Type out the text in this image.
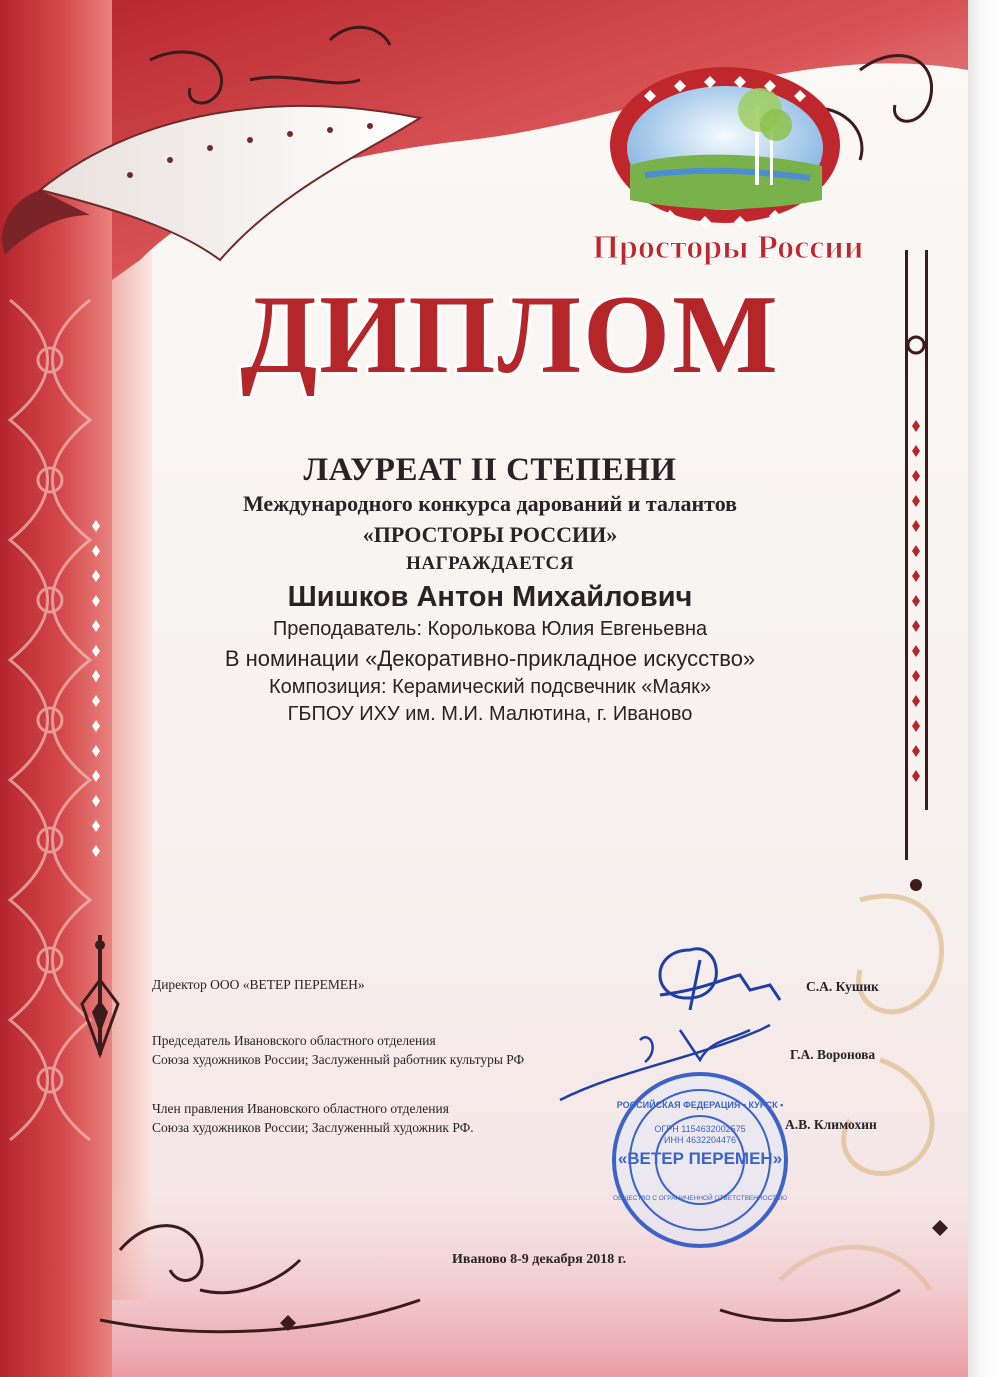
Просторы России
ДИПЛОМ
«ВЕТЕР ПЕРЕМЕН»
РОССИЙСКАЯ ФЕДЕРАЦИЯ • КУРСК •
ОГРН 1154632002575
ИНН 4632204476
ОБЩЕСТВО С ОГРАНИЧЕННОЙ ОТВЕТСТВЕННОСТЬЮ
ЛАУРЕАТ II СТЕПЕНИ
Международного конкурса дарований и талантов
«ПРОСТОРЫ РОССИИ»
НАГРАЖДАЕТСЯ
Шишков Антон Михайлович
Преподаватель: Королькова Юлия Евгеньевна
В номинации «Декоративно-прикладное искусство»
Композиция: Керамический подсвечник «Маяк»
ГБПОУ ИХУ им. М.И. Малютина, г. Иваново
Директор ООО «ВЕТЕР ПЕРЕМЕН»	С.А. Кушик
Председатель Ивановского областного отделения
Союза художников России; Заслуженный работник культуры РФ	Г.А. Воронова
Член правления Ивановского областного отделения
Союза художников России; Заслуженный художник РФ.	А.В. Климохин
Иваново 8-9 декабря 2018 г.
